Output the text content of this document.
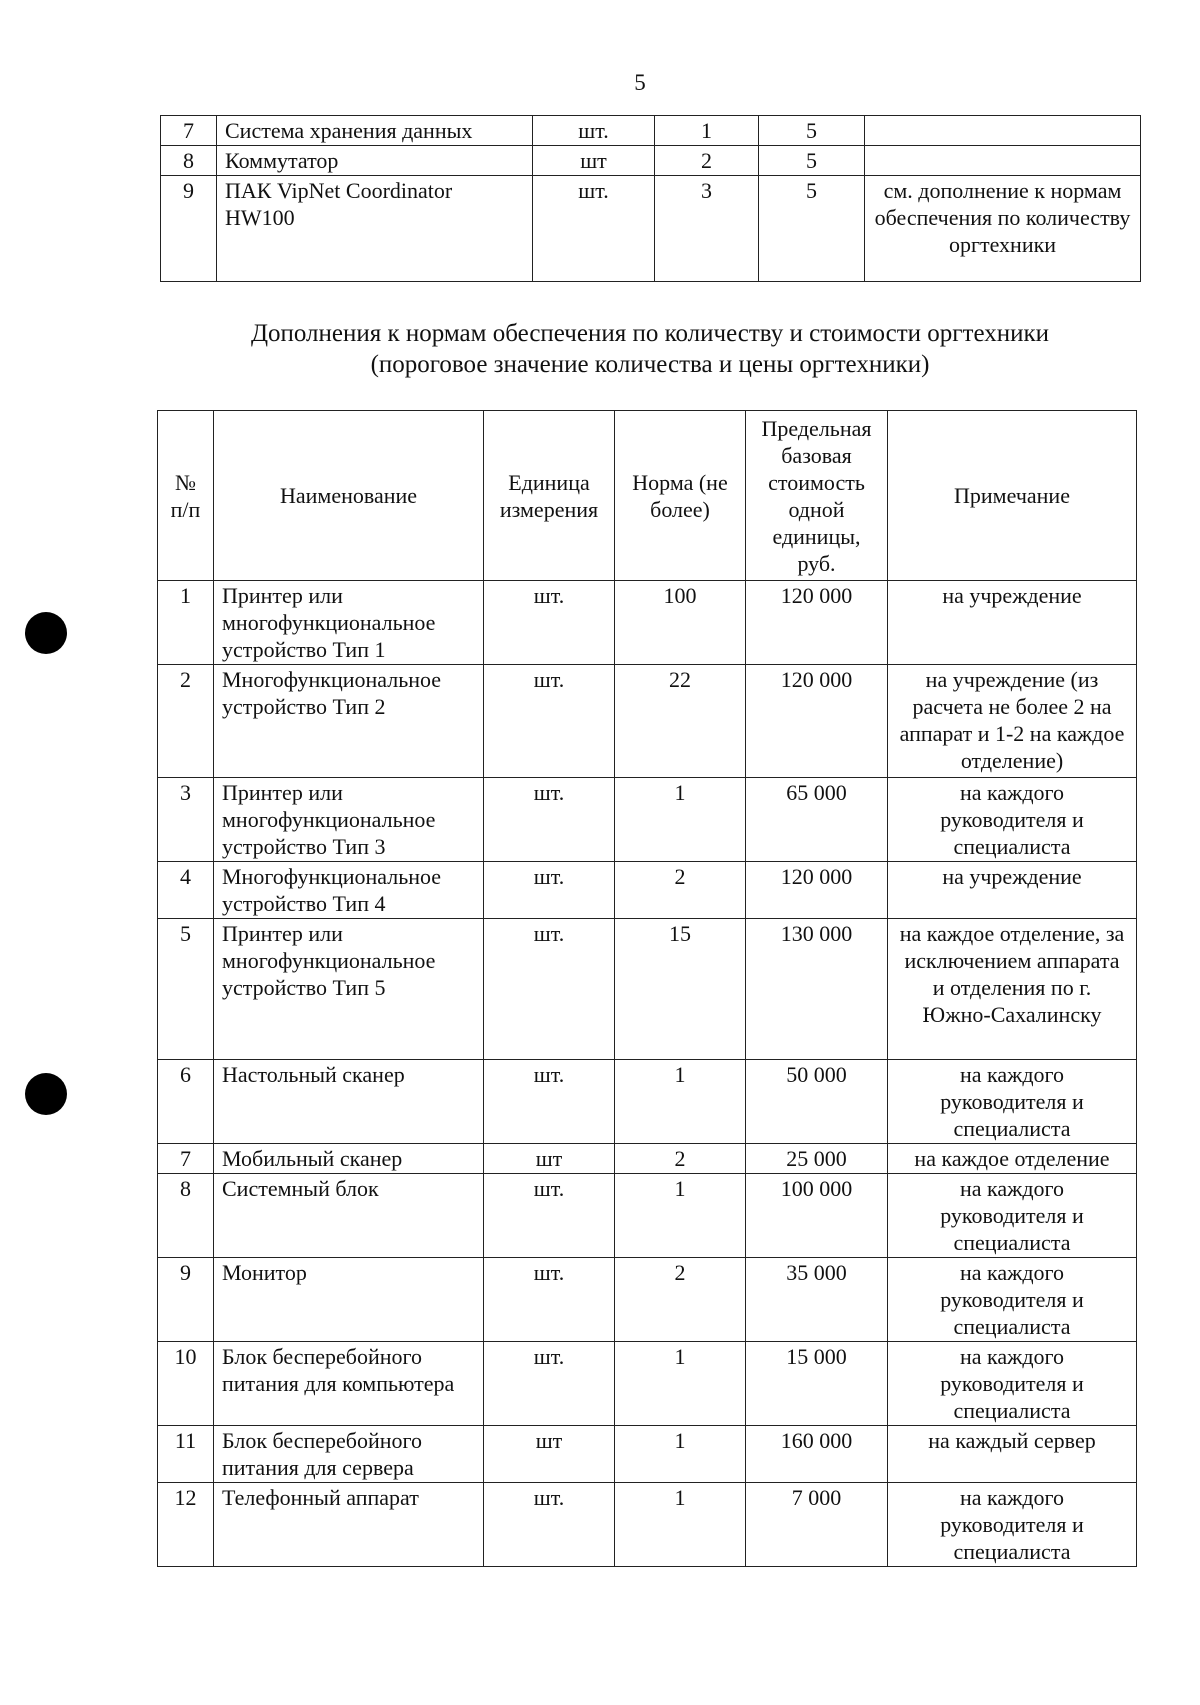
5
7	Система хранения данных	шт.	1	5	
8	Коммутатор	шт	2	5	
9	ПАК VipNet Coordinator HW100	шт.	3	5	см. дополнение к нормам обеспечения по количеству оргтехники
Дополнения к нормам обеспечения по количеству и стоимости оргтехники
(пороговое значение количества и цены оргтехники)
№ п/п	Наименование	Единица измерения	Норма (не более)	Предельная базовая стоимость одной единицы, руб.	Примечание
1	Принтер или многофункциональное устройство Тип 1	шт.	100	120 000	на учреждение
2	Многофункциональное устройство Тип 2	шт.	22	120 000	на учреждение (из расчета не более 2 на аппарат и 1-2 на каждое отделение)
3	Принтер или многофункциональное устройство Тип 3	шт.	1	65 000	на каждого руководителя и специалиста
4	Многофункциональное устройство Тип 4	шт.	2	120 000	на учреждение
5	Принтер или многофункциональное устройство Тип 5	шт.	15	130 000	на каждое отделение, за исключением аппарата и отделения по г. Южно-Сахалинску
6	Настольный сканер	шт.	1	50 000	на каждого руководителя и специалиста
7	Мобильный сканер	шт	2	25 000	на каждое отделение
8	Системный блок	шт.	1	100 000	на каждого руководителя и специалиста
9	Монитор	шт.	2	35 000	на каждого руководителя и специалиста
10	Блок бесперебойного питания для компьютера	шт.	1	15 000	на каждого руководителя и специалиста
11	Блок бесперебойного питания для сервера	шт	1	160 000	на каждый сервер
12	Телефонный аппарат	шт.	1	7 000	на каждого руководителя и специалиста
